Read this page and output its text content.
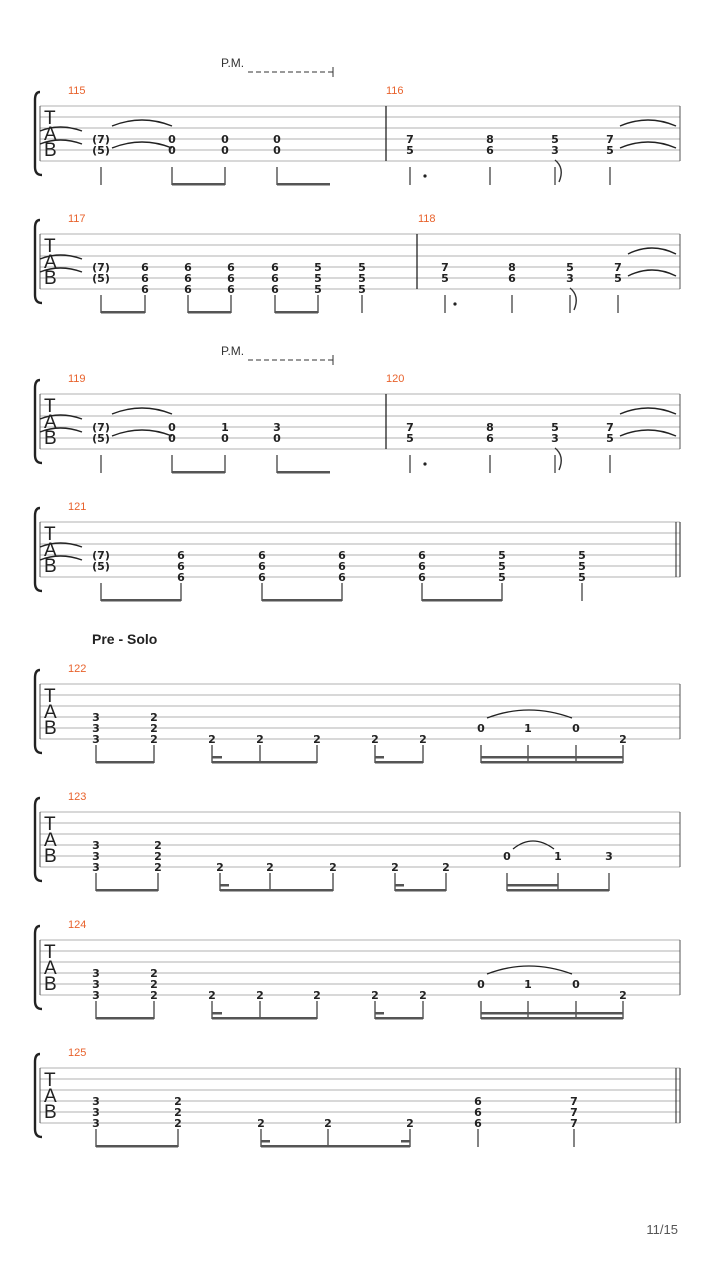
Pre - Solo
11/15
T
A
B
P.M.
115
(7)
(5)
0
0
0
0
0
0
116
7
5
8
6
5
3
7
5
T
A
B
117
(7)
(5)
6
6
6
6
6
6
6
6
6
6
6
6
5
5
5
5
5
5
118
7
5
8
6
5
3
7
5
T
A
B
P.M.
119
(7)
(5)
0
0
1
0
3
0
120
7
5
8
6
5
3
7
5
T
A
B
121
(7)
(5)
6
6
6
6
6
6
6
6
6
6
6
6
5
5
5
5
5
5
T
A
B
122
3
3
3
2
2
2	2	2	2	2	2
0	1	0
2
T
A
B
123
3
3
3
2
2
2	2	2	2	2	2
0	1	3
T
A
B
124
3
3
3
2
2
2	2	2	2	2	2
0	1	0
2
T
A
B
125
3
3
3
2
2
2	2	2	2
6
6
6
7
7
7
